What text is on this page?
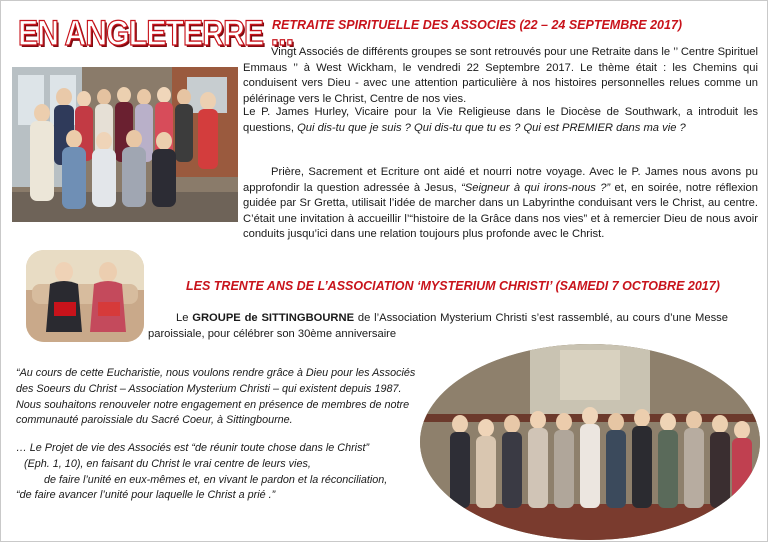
EN ANGLETERRE ...
RETRAITE SPIRITUELLE DES ASSOCIES (22 – 24 SEPTEMBRE 2017)

Vingt Associés de différents groupes se sont retrouvés pour une Retraite dans le ’’ Centre Spirituel Emmaus ’’ à West Wickham, le vendredi 22 Septembre 2017. Le thème était : les Chemins qui conduisent vers Dieu - avec une attention particulière à nos histoires personnelles relues comme un pélérinage vers le Christ, Centre de nos vies.

Le P. James Hurley, Vicaire pour la Vie Religieuse dans le Diocèse de Southwark, a introduit les questions, Qui dis-tu que je suis ? Qui dis-tu que tu es ? Qui est PREMIER dans ma vie ?

Prière, Sacrement et Ecriture ont aidé et nourri notre voyage. Avec le P. James nous avons pu approfondir la question adressée à Jesus, “Seigneur à qui irons-nous ?” et, en soirée, notre réflexion guidée par Sr Gretta, utilisait l’idée de marcher dans un Labyrinthe conduisant vers le Christ, au centre. C’était une invitation à accueillir l’“histoire de la Grâce dans nos vies” et à remercier Dieu de nous avoir conduits jusqu’ici dans une relation toujours plus profonde avec le Christ.

LES TRENTE ANS DE L’ASSOCIATION ‘MYSTERIUM CHRISTI’ (SAMEDI 7 OCTOBRE 2017)

Le GROUPE de SITTINGBOURNE de l’Association Mysterium Christi s’est rassemblé, au cours d’une Messe paroissiale, pour célébrer son 30ème anniversaire

“Au cours de cette Eucharistie, nous voulons rendre grâce à Dieu pour les Associés des Soeurs du Christ – Association Mysterium Christi – qui existent depuis 1987. Nous souhaitons renouveler notre engagement en présence de membres de notre communauté paroissiale du Sacré Coeur, à Sittingbourne.
… Le Projet de vie des Associés est “de réunir toute chose dans le Christ”
(Eph. 1, 10), en faisant du Christ le vrai centre de leurs vies,
de faire l’unité en eux-mêmes et, en vivant le pardon et la réconciliation,
“de faire avancer l’unité pour laquelle le Christ a prié .”
